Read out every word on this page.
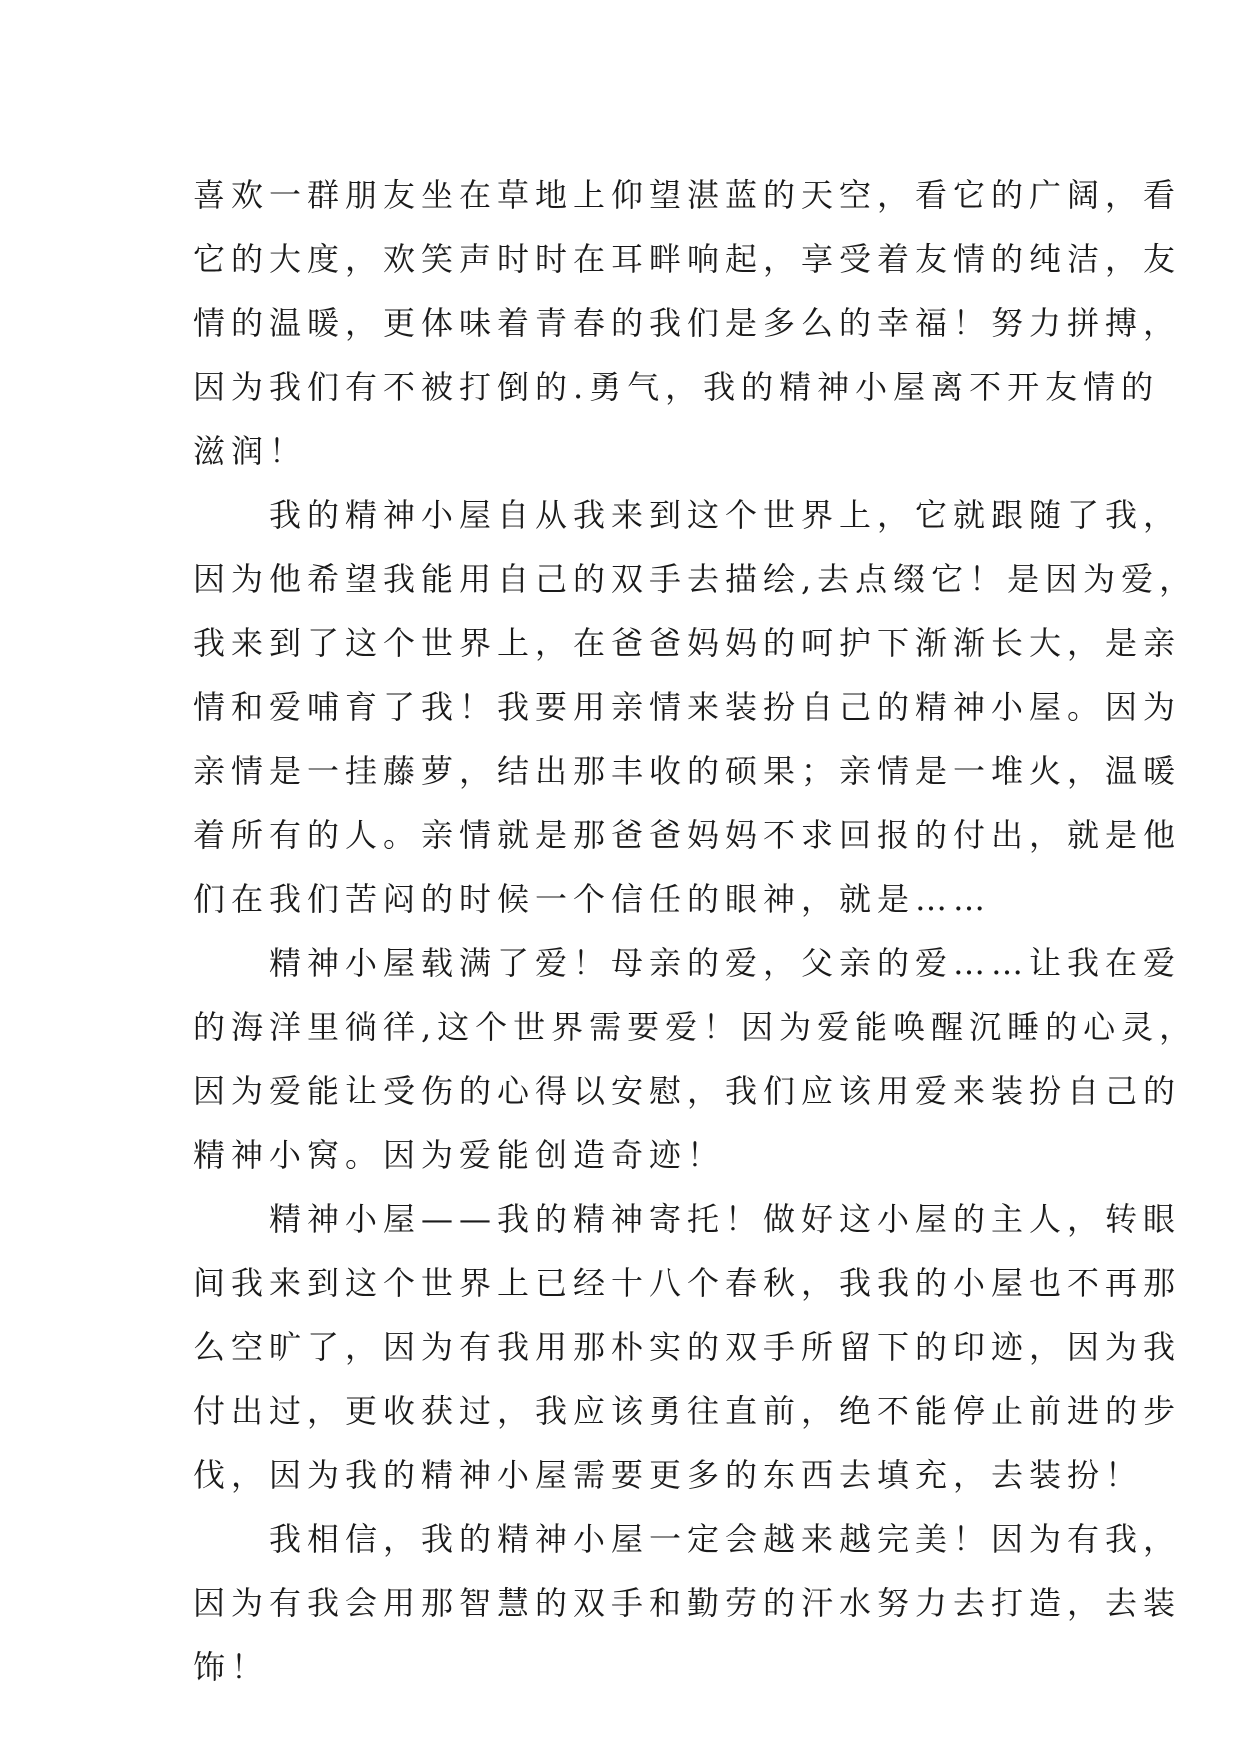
喜欢一群朋友坐在草地上仰望湛蓝的天空，看它的广阔，看
它的大度，欢笑声时时在耳畔响起，享受着友情的纯洁，友
情的温暖，更体味着青春的我们是多么的幸福！努力拼搏，
因为我们有不被打倒的.勇气，我的精神小屋离不开友情的
滋润！
　　我的精神小屋自从我来到这个世界上，它就跟随了我，
因为他希望我能用自己的双手去描绘,去点缀它！是因为爱，
我来到了这个世界上，在爸爸妈妈的呵护下渐渐长大，是亲
情和爱哺育了我！我要用亲情来装扮自己的精神小屋。因为
亲情是一挂藤萝，结出那丰收的硕果；亲情是一堆火，温暖
着所有的人。亲情就是那爸爸妈妈不求回报的付出，就是他
们在我们苦闷的时候一个信任的眼神，就是……
　　精神小屋载满了爱！母亲的爱，父亲的爱……让我在爱
的海洋里徜徉,这个世界需要爱！因为爱能唤醒沉睡的心灵，
因为爱能让受伤的心得以安慰，我们应该用爱来装扮自己的
精神小窝。因为爱能创造奇迹！
　　精神小屋——我的精神寄托！做好这小屋的主人，转眼
间我来到这个世界上已经十八个春秋，我我的小屋也不再那
么空旷了，因为有我用那朴实的双手所留下的印迹，因为我
付出过，更收获过，我应该勇往直前，绝不能停止前进的步
伐，因为我的精神小屋需要更多的东西去填充，去装扮！
　　我相信，我的精神小屋一定会越来越完美！因为有我，
因为有我会用那智慧的双手和勤劳的汗水努力去打造，去装
饰！
